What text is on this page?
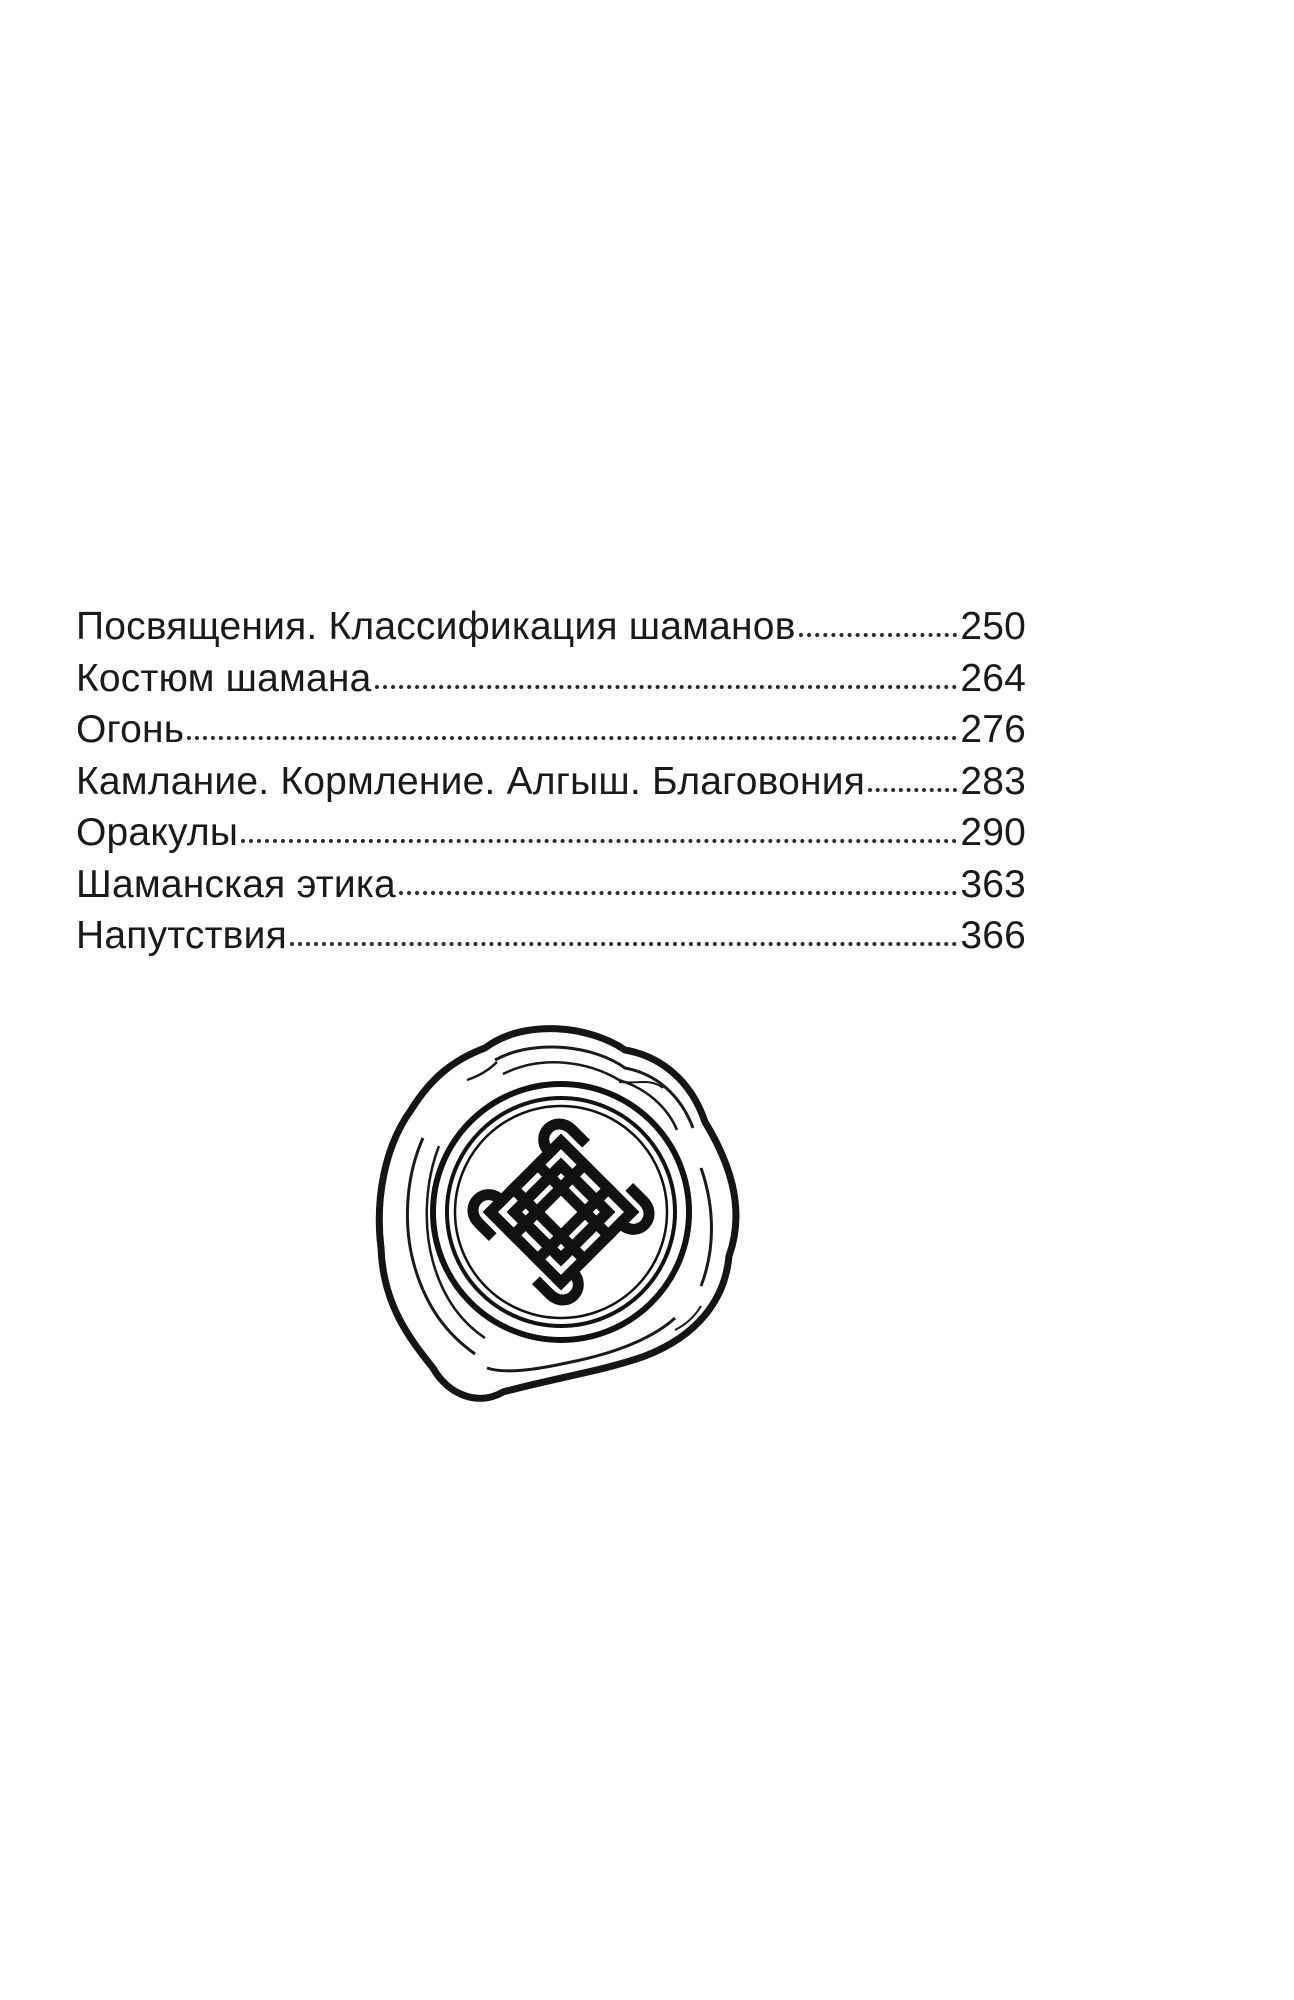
Посвящения. Классификация шаманов	250
Костюм шамана	264
Огонь	276
Камлание. Кормление. Алгыш. Благовония 283
Оракулы	290
Шаманская этика	363
Напутствия	366
